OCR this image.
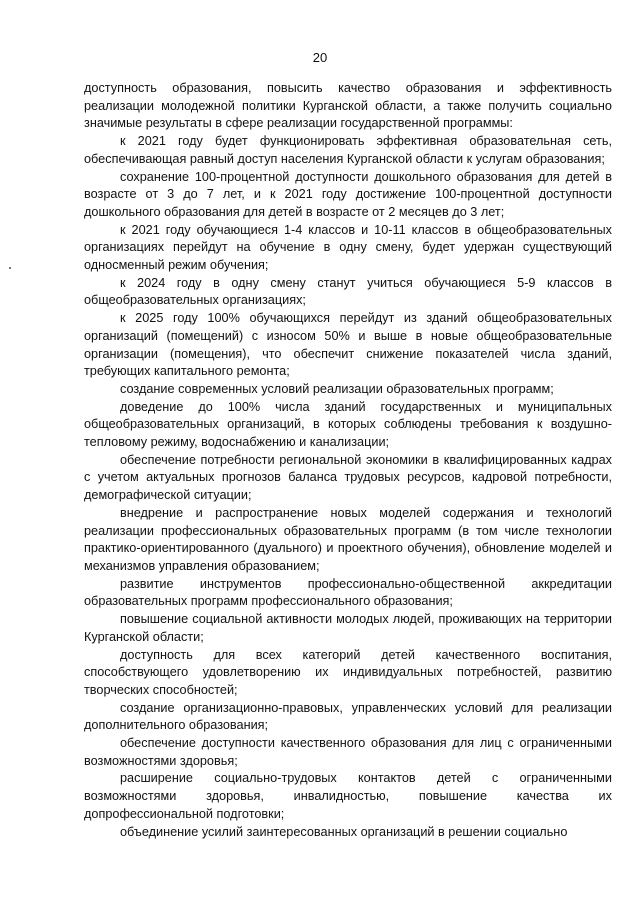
20

доступность образования, повысить качество образования и эффективность реализации молодежной политики Курганской области, а также получить социально значимые результаты в сфере реализации государственной программы:

к 2021 году будет функционировать эффективная образовательная сеть, обеспечивающая равный доступ населения Курганской области к услугам образования;

сохранение 100-процентной доступности дошкольного образования для детей в возрасте от 3 до 7 лет, и к 2021 году достижение 100-процентной доступности дошкольного образования для детей в возрасте от 2 месяцев до 3 лет;

к 2021 году обучающиеся 1-4 классов и 10-11 классов в общеобразовательных организациях перейдут на обучение в одну смену, будет удержан существующий односменный режим обучения;

к 2024 году в одну смену станут учиться обучающиеся 5-9 классов в общеобразовательных организациях;

к 2025 году 100% обучающихся перейдут из зданий общеобразовательных организаций (помещений) с износом 50% и выше в новые общеобразовательные организации (помещения), что обеспечит снижение показателей числа зданий, требующих капитального ремонта;

создание современных условий реализации образовательных программ;

доведение до 100% числа зданий государственных и муниципальных общеобразовательных организаций, в которых соблюдены требования к воздушно-тепловому режиму, водоснабжению и канализации;

обеспечение потребности региональной экономики в квалифицированных кадрах с учетом актуальных прогнозов баланса трудовых ресурсов, кадровой потребности, демографической ситуации;

внедрение и распространение новых моделей содержания и технологий реализации профессиональных образовательных программ (в том числе технологии практико-ориентированного (дуального) и проектного обучения), обновление моделей и механизмов управления образованием;

развитие инструментов профессионально-общественной аккредитации образовательных программ профессионального образования;

повышение социальной активности молодых людей, проживающих на территории Курганской области;

доступность для всех категорий детей качественного воспитания, способствующего удовлетворению их индивидуальных потребностей, развитию творческих способностей;

создание организационно-правовых, управленческих условий для реализации дополнительного образования;

обеспечение доступности качественного образования для лиц с ограниченными возможностями здоровья;

расширение социально-трудовых контактов детей с ограниченными возможностями здоровья, инвалидностью, повышение качества их допрофессиональной подготовки;

объединение усилий заинтересованных организаций в решении социально
